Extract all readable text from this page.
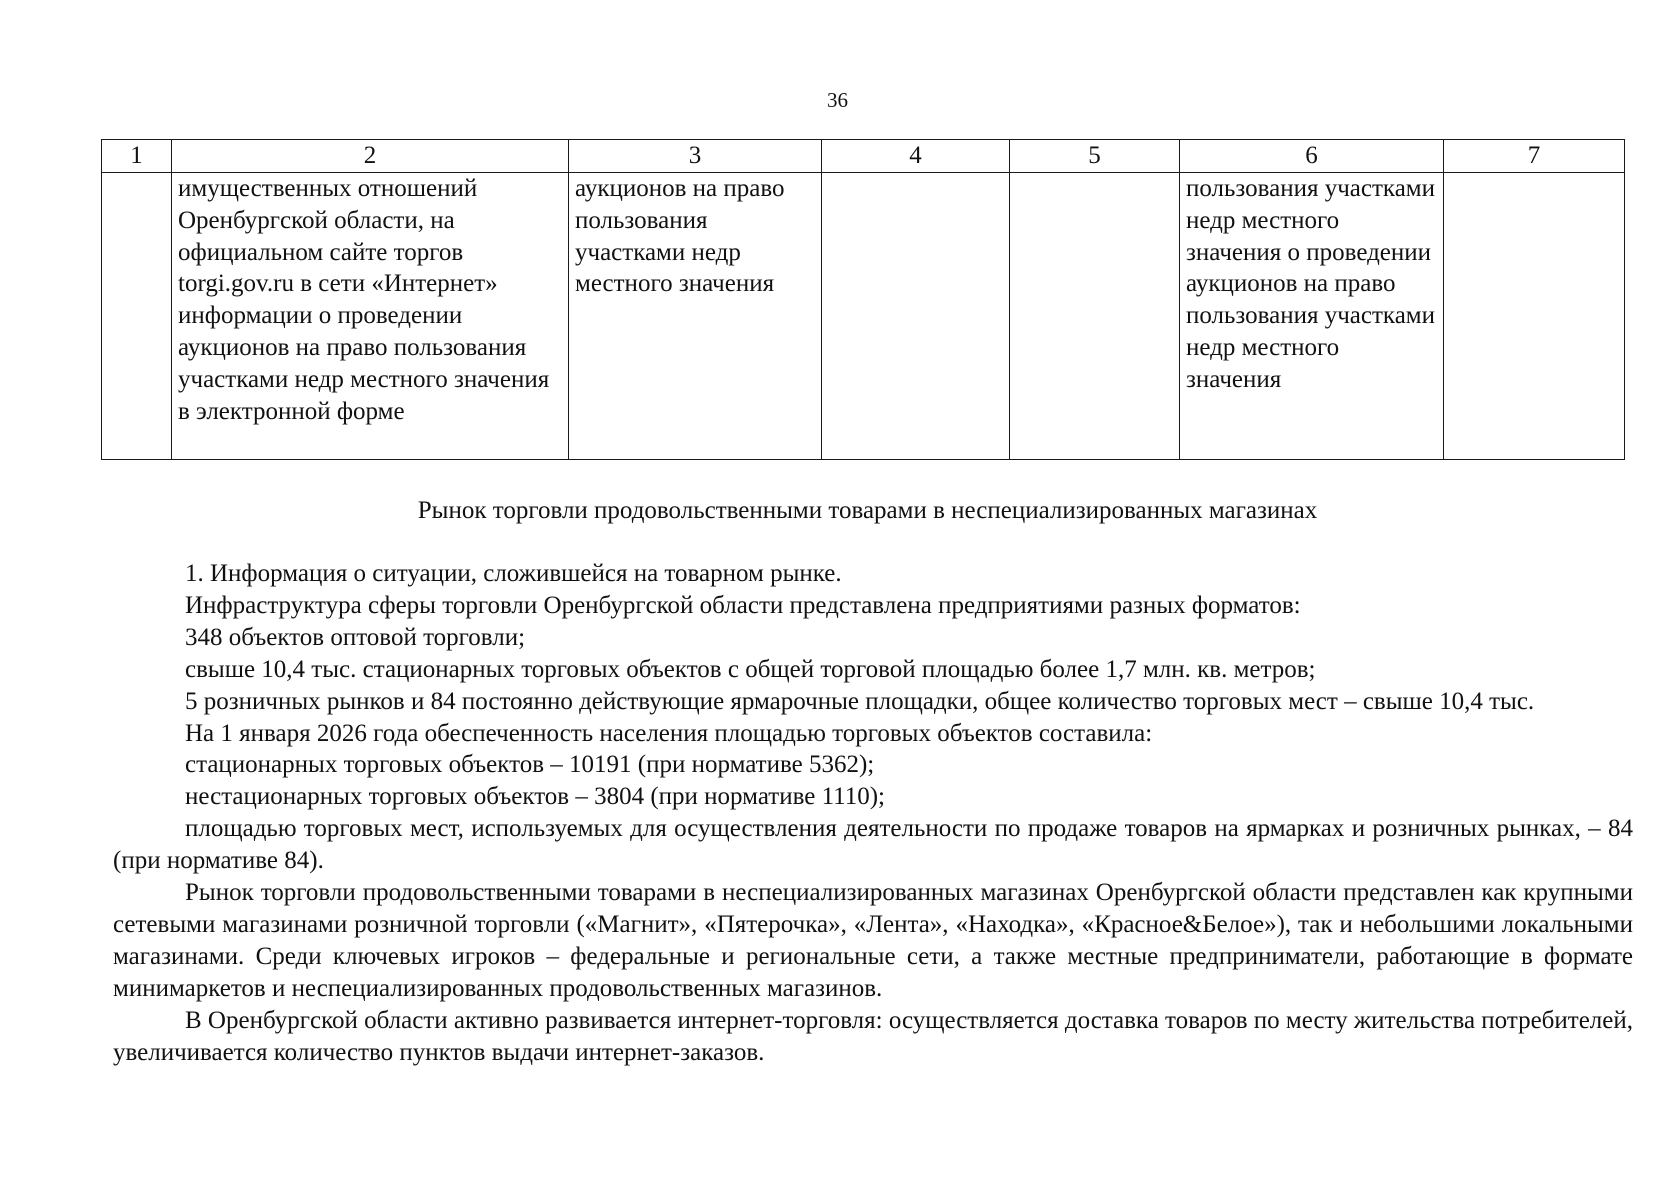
36
1	2	3	4	5	6	7
	имущественных отношений Оренбургской области, на официальном сайте торгов torgi.gov.ru в сети «Интернет» информации о проведении аукционов на право пользования участками недр местного значения в электронной форме	аукционов на право пользования участками недр местного значения			пользования участками недр местного значения о проведении аукционов на право пользования участками недр местного значения	
Рынок торговли продовольственными товарами в неспециализированных магазинах

1. Информация о ситуации, сложившейся на товарном рынке.

Инфраструктура сферы торговли Оренбургской области представлена предприятиями разных форматов:

348 объектов оптовой торговли;

свыше 10,4 тыс. стационарных торговых объектов с общей торговой площадью более 1,7 млн. кв. метров;

5 розничных рынков и 84 постоянно действующие ярмарочные площадки, общее количество торговых мест – свыше 10,4 тыс.

На 1 января 2026 года обеспеченность населения площадью торговых объектов составила:

стационарных торговых объектов – 10191 (при нормативе 5362);

нестационарных торговых объектов – 3804 (при нормативе 1110);

площадью торговых мест, используемых для осуществления деятельности по продаже товаров на ярмарках и розничных рынках, – 84 (при нормативе 84).

Рынок торговли продовольственными товарами в неспециализированных магазинах Оренбургской области представлен как крупными сетевыми магазинами розничной торговли («Магнит», «Пятерочка», «Лента», «Находка», «Красное&Белое»), так и небольшими локальными магазинами. Среди ключевых игроков – федеральные и региональные сети, а также местные предприниматели, работающие в формате минимаркетов и неспециализированных продовольственных магазинов.

В Оренбургской области активно развивается интернет-торговля: осуществляется доставка товаров по месту жительства потребителей, увеличивается количество пунктов выдачи интернет-заказов.
